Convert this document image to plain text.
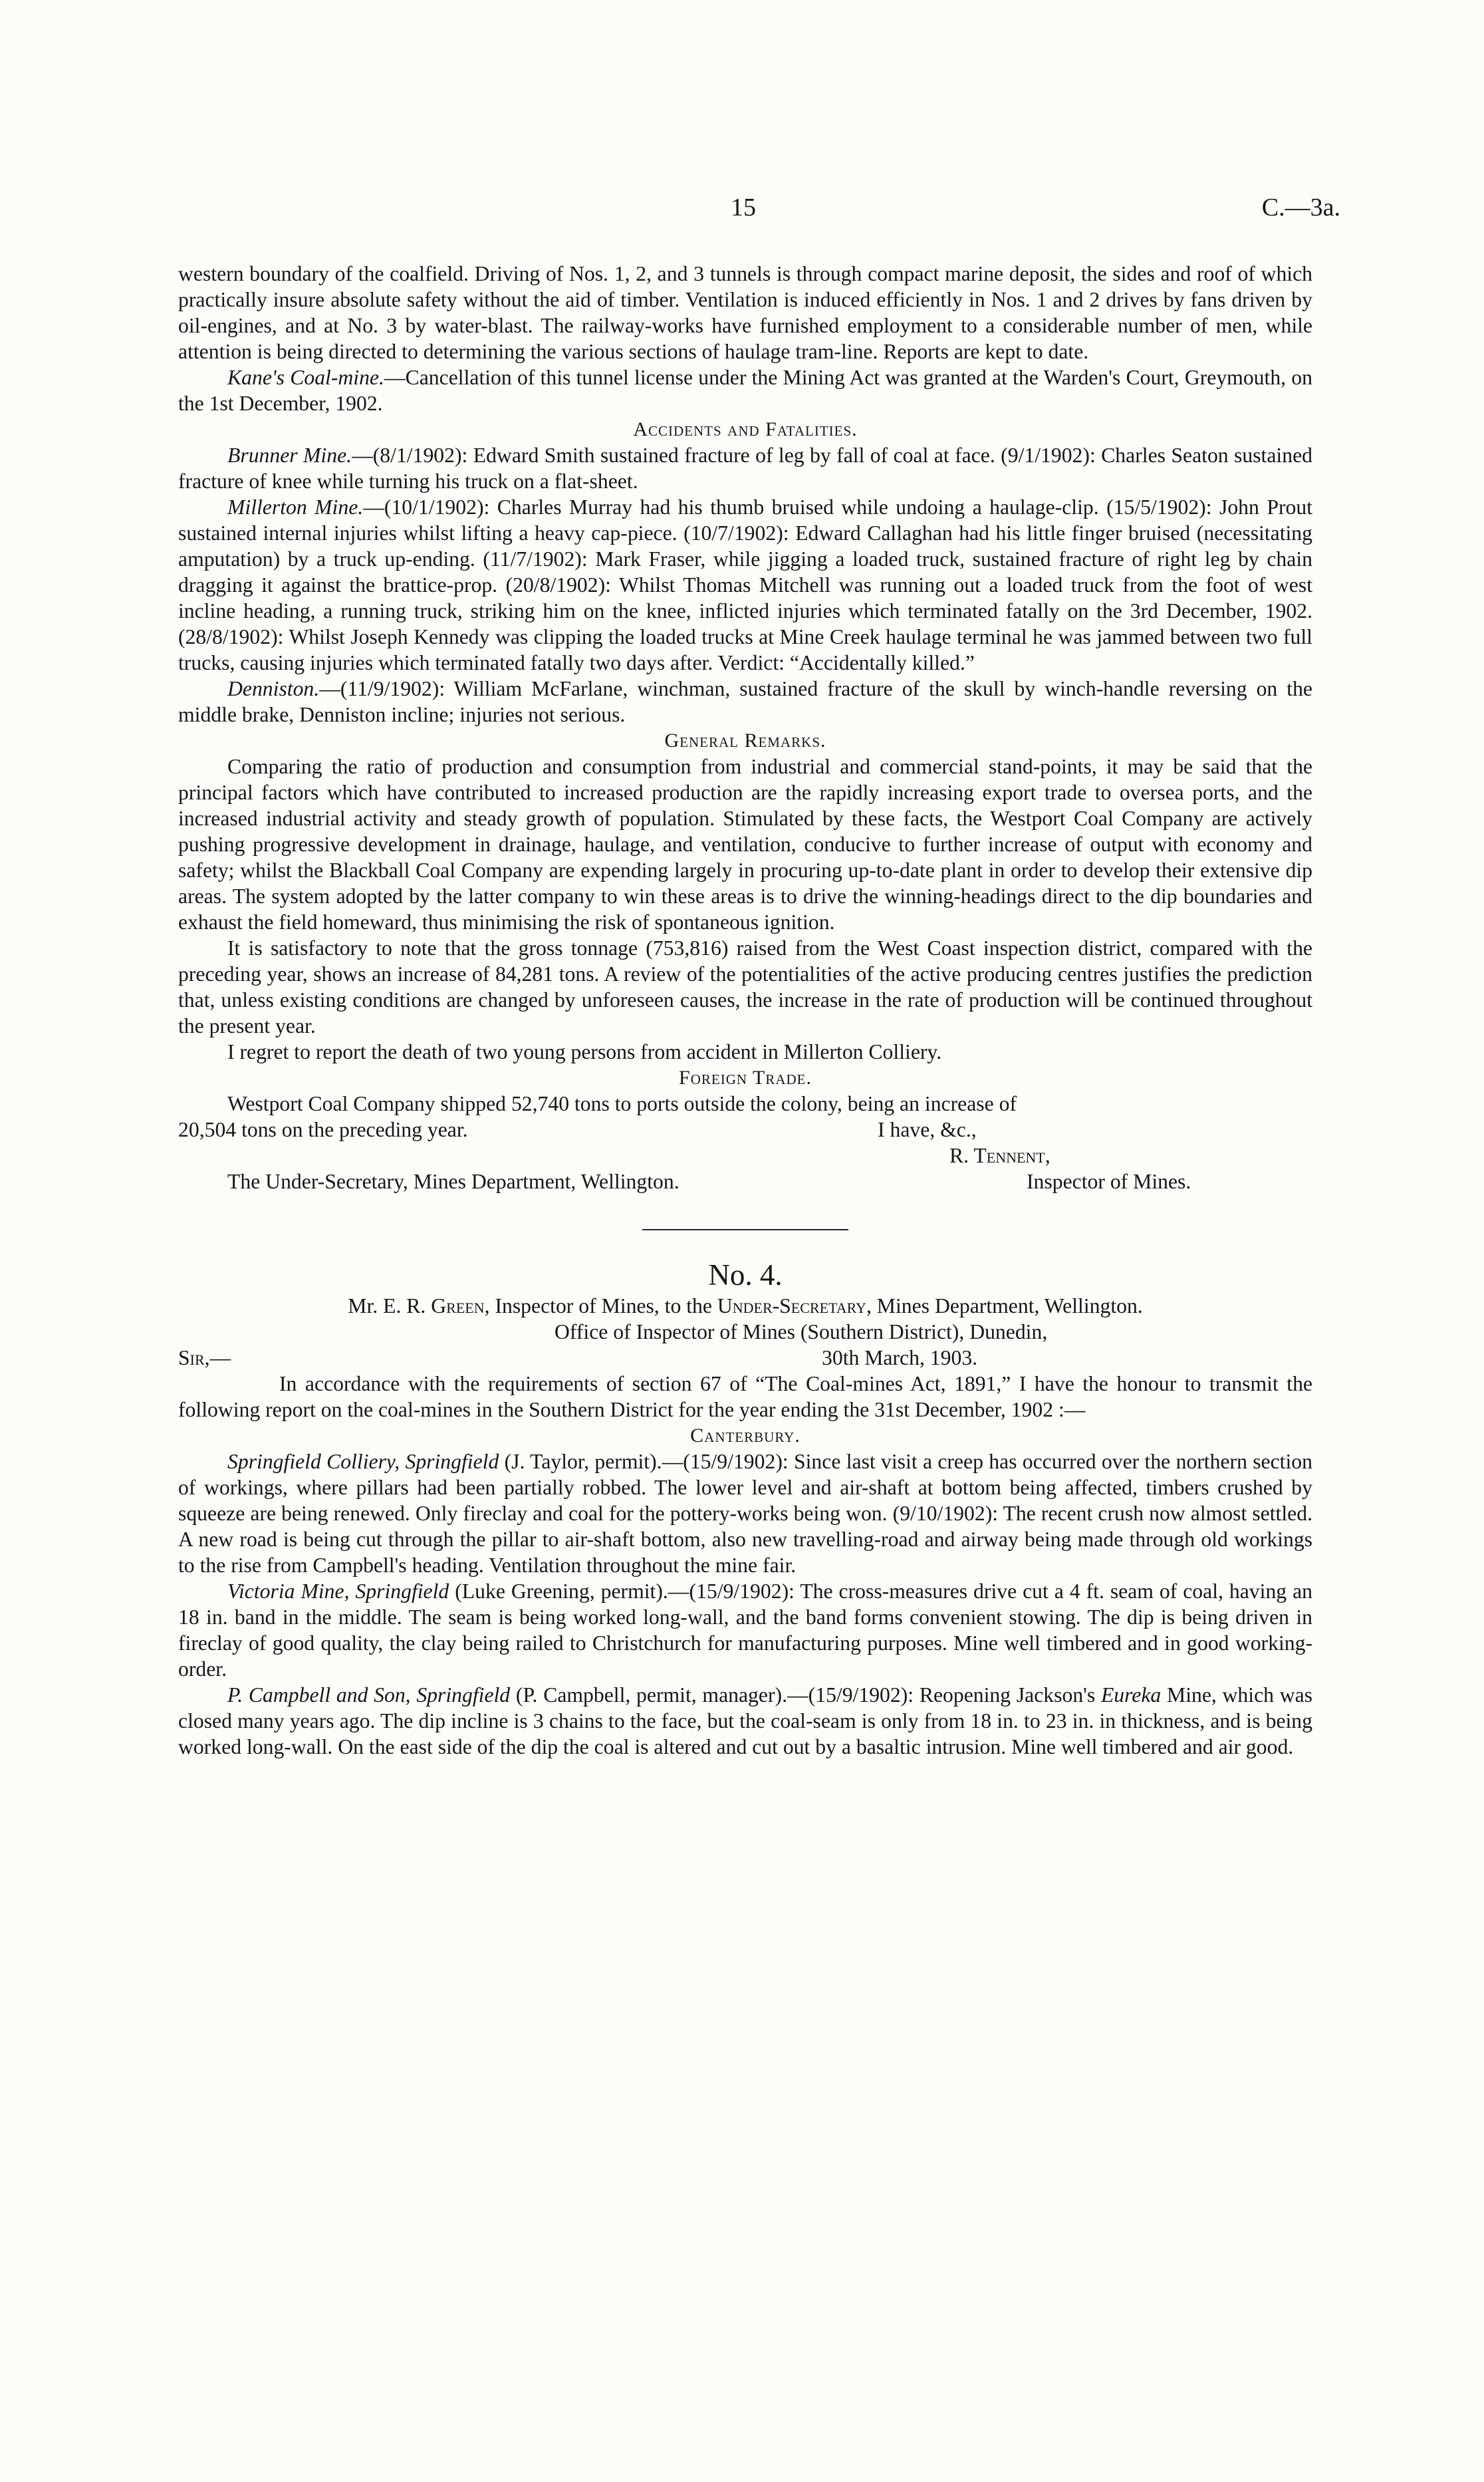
15	C.—3a.

western boundary of the coalfield. Driving of Nos. 1, 2, and 3 tunnels is through compact marine deposit, the sides and roof of which practically insure absolute safety without the aid of timber. Ventilation is induced efficiently in Nos. 1 and 2 drives by fans driven by oil-engines, and at No. 3 by water-blast. The railway-works have furnished employment to a considerable number of men, while attention is being directed to determining the various sections of haulage tram-line. Reports are kept to date.

Kane's Coal-mine.—Cancellation of this tunnel license under the Mining Act was granted at the Warden's Court, Greymouth, on the 1st December, 1902.

Accidents and Fatalities.

Brunner Mine.—(8/1/1902): Edward Smith sustained fracture of leg by fall of coal at face. (9/1/1902): Charles Seaton sustained fracture of knee while turning his truck on a flat-sheet.

Millerton Mine.—(10/1/1902): Charles Murray had his thumb bruised while undoing a haulage-clip. (15/5/1902): John Prout sustained internal injuries whilst lifting a heavy cap-piece. (10/7/1902): Edward Callaghan had his little finger bruised (necessitating amputation) by a truck up-ending. (11/7/1902): Mark Fraser, while jigging a loaded truck, sustained fracture of right leg by chain dragging it against the brattice-prop. (20/8/1902): Whilst Thomas Mitchell was running out a loaded truck from the foot of west incline heading, a running truck, striking him on the knee, inflicted injuries which terminated fatally on the 3rd December, 1902. (28/8/1902): Whilst Joseph Kennedy was clipping the loaded trucks at Mine Creek haulage terminal he was jammed between two full trucks, causing injuries which terminated fatally two days after. Verdict: “Accidentally killed.”

Denniston.—(11/9/1902): William McFarlane, winchman, sustained fracture of the skull by winch-handle reversing on the middle brake, Denniston incline; injuries not serious.

General Remarks.

Comparing the ratio of production and consumption from industrial and commercial stand-points, it may be said that the principal factors which have contributed to increased production are the rapidly increasing export trade to oversea ports, and the increased industrial activity and steady growth of population. Stimulated by these facts, the Westport Coal Company are actively pushing progressive development in drainage, haulage, and ventilation, conducive to further increase of output with economy and safety; whilst the Blackball Coal Company are expending largely in procuring up-to-date plant in order to develop their extensive dip areas. The system adopted by the latter company to win these areas is to drive the winning-headings direct to the dip boundaries and exhaust the field homeward, thus minimising the risk of spontaneous ignition.

It is satisfactory to note that the gross tonnage (753,816) raised from the West Coast inspection district, compared with the preceding year, shows an increase of 84,281 tons. A review of the potentialities of the active producing centres justifies the prediction that, unless existing conditions are changed by unforeseen causes, the increase in the rate of production will be continued throughout the present year.

I regret to report the death of two young persons from accident in Millerton Colliery.

Foreign Trade.

Westport Coal Company shipped 52,740 tons to ports outside the colony, being an increase of

20,504 tons on the preceding year.	I have, &c.,
R. Tennent,
The Under-Secretary, Mines Department, Wellington.	Inspector of Mines.

No. 4.

Mr. E. R. Green, Inspector of Mines, to the Under-Secretary, Mines Department, Wellington.

Office of Inspector of Mines (Southern District), Dunedin,
Sir,—	30th March, 1903.

In accordance with the requirements of section 67 of “The Coal-mines Act, 1891,” I have the honour to transmit the following report on the coal-mines in the Southern District for the year ending the 31st December, 1902 :—

Canterbury.

Springfield Colliery, Springfield (J. Taylor, permit).—(15/9/1902): Since last visit a creep has occurred over the northern section of workings, where pillars had been partially robbed. The lower level and air-shaft at bottom being affected, timbers crushed by squeeze are being renewed. Only fireclay and coal for the pottery-works being won. (9/10/1902): The recent crush now almost settled. A new road is being cut through the pillar to air-shaft bottom, also new travelling-road and airway being made through old workings to the rise from Campbell's heading. Ventilation throughout the mine fair.

Victoria Mine, Springfield (Luke Greening, permit).—(15/9/1902): The cross-measures drive cut a 4 ft. seam of coal, having an 18 in. band in the middle. The seam is being worked long-wall, and the band forms convenient stowing. The dip is being driven in fireclay of good quality, the clay being railed to Christchurch for manufacturing purposes. Mine well timbered and in good working-order.

P. Campbell and Son, Springfield (P. Campbell, permit, manager).—(15/9/1902): Reopening Jackson's Eureka Mine, which was closed many years ago. The dip incline is 3 chains to the face, but the coal-seam is only from 18 in. to 23 in. in thickness, and is being worked long-wall. On the east side of the dip the coal is altered and cut out by a basaltic intrusion. Mine well timbered and air good.
